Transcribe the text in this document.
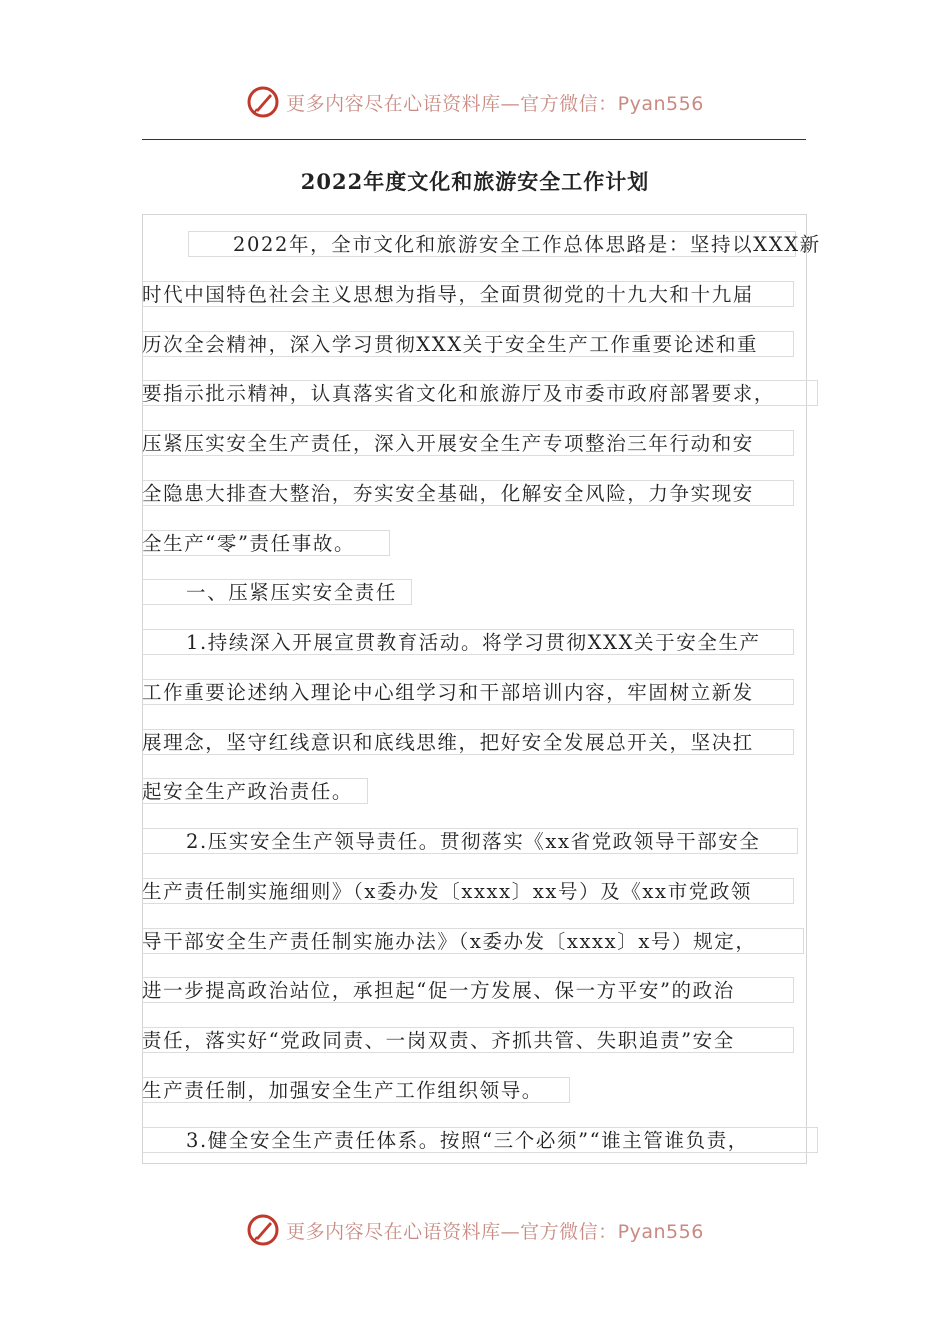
更多内容尽在心语资料库—官方微信：Pyan556
2022年度文化和旅游安全工作计划
2022年，全市文化和旅游安全工作总体思路是：坚持以XXX新
时代中国特色社会主义思想为指导，全面贯彻党的十九大和十九届
历次全会精神，深入学习贯彻XXX关于安全生产工作重要论述和重
要指示批示精神，认真落实省文化和旅游厅及市委市政府部署要求，
压紧压实安全生产责任，深入开展安全生产专项整治三年行动和安
全隐患大排查大整治，夯实安全基础，化解安全风险，力争实现安
全生产“零”责任事故。
一、压紧压实安全责任
1.持续深入开展宣贯教育活动。将学习贯彻XXX关于安全生产
工作重要论述纳入理论中心组学习和干部培训内容，牢固树立新发
展理念，坚守红线意识和底线思维，把好安全发展总开关，坚决扛
起安全生产政治责任。
2.压实安全生产领导责任。贯彻落实《xx省党政领导干部安全
生产责任制实施细则》（x委办发〔xxxx〕xx号）及《xx市党政领
导干部安全生产责任制实施办法》（x委办发〔xxxx〕x号）规定，
进一步提高政治站位，承担起“促一方发展、保一方平安”的政治
责任，落实好“党政同责、一岗双责、齐抓共管、失职追责”安全
生产责任制，加强安全生产工作组织领导。
3.健全安全生产责任体系。按照“三个必须”“谁主管谁负责，
更多内容尽在心语资料库—官方微信：Pyan556
